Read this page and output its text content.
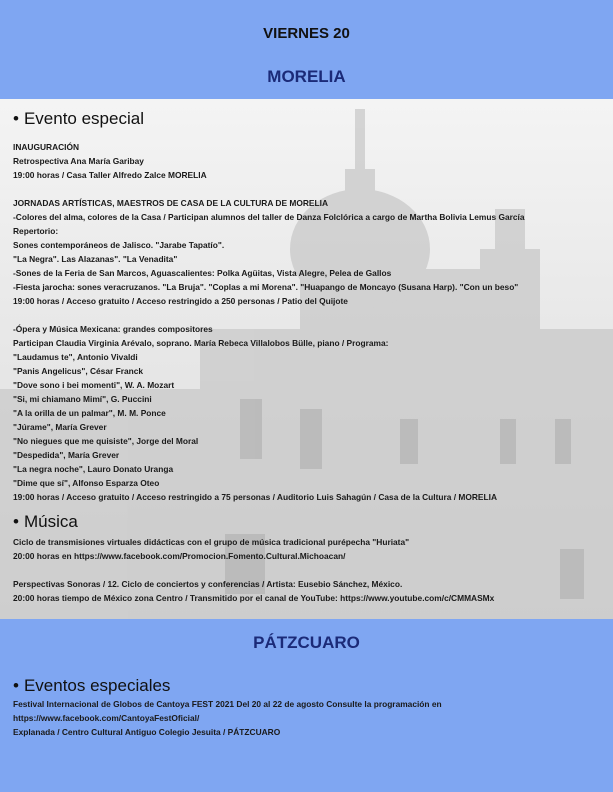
VIERNES 20
MORELIA
• Evento especial
INAUGURACIÓN
Retrospectiva Ana María Garibay
19:00 horas / Casa Taller Alfredo Zalce MORELIA
JORNADAS ARTÍSTICAS, MAESTROS DE CASA DE LA CULTURA DE MORELIA
-Colores del alma, colores de la Casa / Participan alumnos del taller de Danza Folclórica a cargo de Martha Bolivia Lemus García
Repertorio:
Sones contemporáneos de Jalisco. "Jarabe Tapatío".
"La Negra". Las Alazanas". "La Venadita"
-Sones de la Feria de San Marcos, Aguascalientes: Polka Agüitas, Vista Alegre, Pelea de Gallos
-Fiesta jarocha: sones veracruzanos. "La Bruja". "Coplas a mi Morena". "Huapango de Moncayo (Susana Harp). "Con un beso"
19:00 horas / Acceso gratuito / Acceso restringido a 250 personas / Patio del Quijote
-Ópera y Música Mexicana: grandes compositores
Participan Claudia Virginia Arévalo, soprano. María Rebeca Villalobos Bülle, piano / Programa:
"Laudamus te", Antonio Vivaldi
"Panis Angelicus", César Franck
"Dove sono i bei momenti", W. A. Mozart
"Si, mi chiamano Mimí", G. Puccini
"A la orilla de un palmar", M. M. Ponce
"Júrame", María Grever
"No niegues que me quisiste", Jorge del Moral
"Despedida", María Grever
"La negra noche", Lauro Donato Uranga
"Dime que sí", Alfonso Esparza Oteo
19:00 horas / Acceso gratuito / Acceso restringido a 75 personas / Auditorio Luis Sahagún / Casa de la Cultura / MORELIA
• Música
Ciclo de transmisiones virtuales didácticas con el grupo de música tradicional purépecha "Huriata"
20:00 horas en https://www.facebook.com/Promocion.Fomento.Cultural.Michoacan/
Perspectivas Sonoras / 12. Ciclo de conciertos y conferencias / Artista: Eusebio Sánchez, México.
20:00 horas tiempo de México zona Centro / Transmitido por el canal de YouTube: https://www.youtube.com/c/CMMASMx
PÁTZCUARO
• Eventos especiales
Festival Internacional de Globos de Cantoya FEST 2021 Del 20 al 22 de agosto Consulte la programación en
https://www.facebook.com/CantoyaFestOficial/
Explanada / Centro Cultural Antiguo Colegio Jesuita / PÁTZCUARO
